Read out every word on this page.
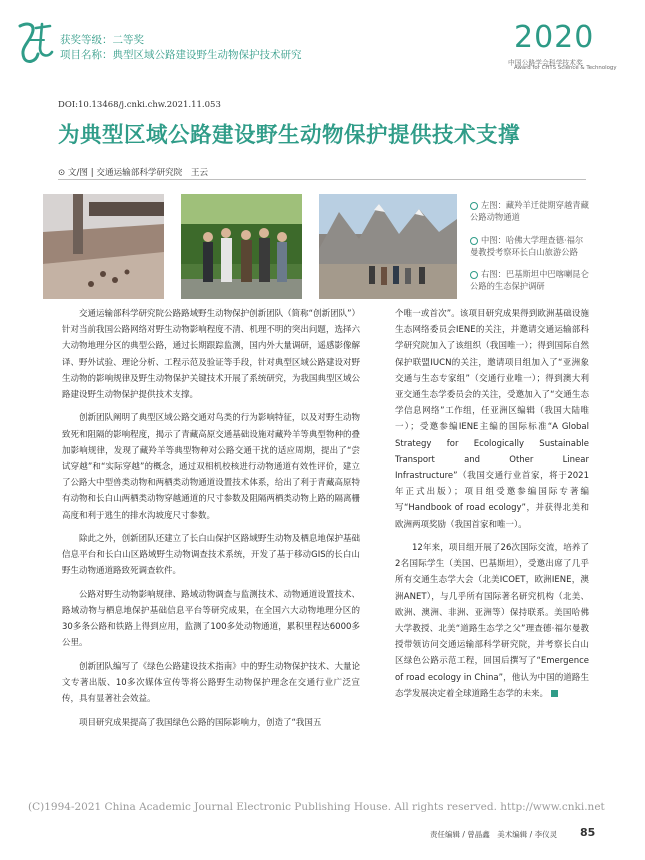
获奖等级：二等奖
项目名称：典型区域公路建设野生动物保护技术研究	2020
中国公路学会科学技术奖
Award for CHTS Science & Technology
DOI:10.13468/j.cnki.chw.2021.11.053
为典型区域公路建设野生动物保护提供技术支撑
⊙ 文/图 | 交通运输部科学研究院　王云
左图：藏羚羊迁徙期穿越青藏公路动物通道
中图：哈佛大学理查德·福尔曼教授考察环长白山旅游公路
右图：巴基斯坦中巴喀喇昆仑公路的生态保护调研

交通运输部科学研究院公路路域野生动物保护创新团队（简称“创新团队”）针对当前我国公路网络对野生动物影响程度不清、机理不明的突出问题，选择六大动物地理分区的典型公路，通过长期跟踪监测，国内外大量调研，遥感影像解译、野外试验、理论分析、工程示范及验证等手段，针对典型区域公路建设对野生动物的影响规律及野生动物保护关键技术开展了系统研究，为我国典型区域公路建设野生动物保护提供技术支撑。

创新团队阐明了典型区域公路交通对鸟类的行为影响特征，以及对野生动物致死和阻隔的影响程度，揭示了青藏高原交通基础设施对藏羚羊等典型物种的叠加影响规律，发现了藏羚羊等典型物种对公路交通干扰的适应周期，提出了“尝试穿越”和“实际穿越”的概念，通过双相机校核进行动物通道有效性评价，建立了公路大中型兽类动物和两栖类动物通道设置技术体系，给出了利于青藏高原特有动物和长白山两栖类动物穿越通道的尺寸参数及阻隔两栖类动物上路的隔离栅高度和利于逃生的排水沟坡度尺寸参数。

除此之外，创新团队还建立了长白山保护区路域野生动物及栖息地保护基础信息平台和长白山区路域野生动物调查技术系统，开发了基于移动GIS的长白山野生动物通道路致死调查软件。

公路对野生动物影响规律、路域动物调查与监测技术、动物通道设置技术、路域动物与栖息地保护基础信息平台等研究成果，在全国六大动物地理分区的30多条公路和铁路上得到应用，监测了100多处动物通道，累积里程达6000多公里。

创新团队编写了《绿色公路建设技术指南》中的野生动物保护技术、大量论文专著出版、10多次媒体宣传等将公路野生动物保护理念在交通行业广泛宣传，具有显著社会效益。

项目研究成果提高了我国绿色公路的国际影响力，创造了“我国五

个唯一或首次”。该项目研究成果得到欧洲基础设施生态网络委员会IENE的关注，并邀请交通运输部科学研究院加入了该组织（我国唯一）；得到国际自然保护联盟IUCN的关注，邀请项目组加入了“亚洲象交通与生态专家组”（交通行业唯一）；得到澳大利亚交通生态学委员会的关注，受邀加入了“交通生态学信息网络”工作组，任亚洲区编辑（我国大陆唯一）；受邀参编IENE主编的国际标准“A Global Strategy for Ecologically Sustainable Transport and Other Linear Infrastructure”（我国交通行业首家，将于2021年正式出版）；项目组受邀参编国际专著编写“Handbook of road ecology”，并获得北美和欧洲两项奖励（我国首家和唯一）。

12年来，项目组开展了26次国际交流，培养了2名国际学生（美国、巴基斯坦），受邀出席了几乎所有交通生态学大会（北美ICOET，欧洲IENE，澳洲ANET），与几乎所有国际著名研究机构（北美、欧洲、澳洲、非洲、亚洲等）保持联系。美国哈佛大学教授、北美“道路生态学之父”理查德·福尔曼教授带领访问交通运输部科学研究院，并考察长白山区绿色公路示范工程，回国后撰写了“Emergence of road ecology in China”，他认为中国的道路生态学发展决定着全球道路生态学的未来。

(C)1994-2021 China Academic Journal Electronic Publishing House. All rights reserved. http://www.cnki.net
责任编辑 / 曾晶鑫　美术编辑 / 李仪灵 85
